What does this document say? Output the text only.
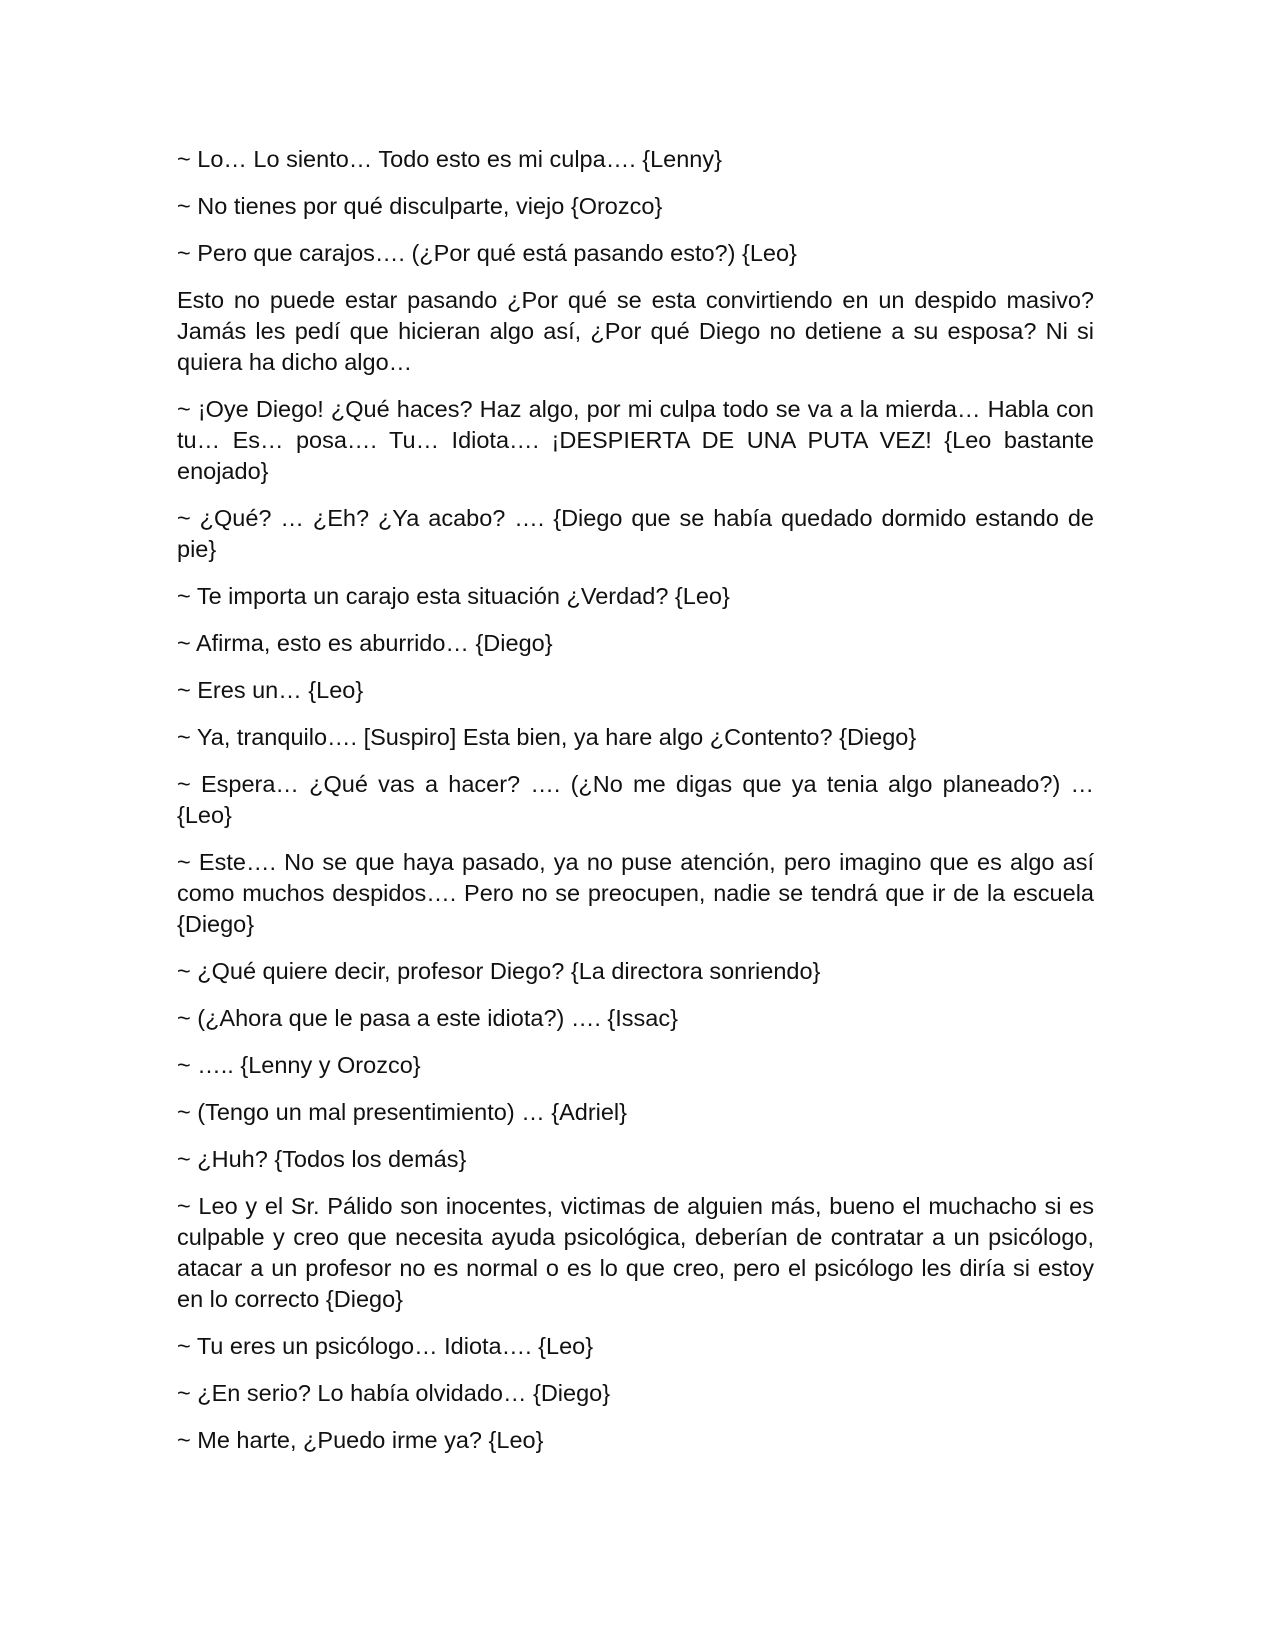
~ Lo… Lo siento… Todo esto es mi culpa…. {Lenny}

~ No tienes por qué disculparte, viejo {Orozco}

~ Pero que carajos…. (¿Por qué está pasando esto?) {Leo}

Esto no puede estar pasando ¿Por qué se esta convirtiendo en un despido masivo? Jamás les pedí que hicieran algo así, ¿Por qué Diego no detiene a su esposa? Ni si quiera ha dicho algo…

~ ¡Oye Diego! ¿Qué haces? Haz algo, por mi culpa todo se va a la mierda… Habla con tu… Es… posa…. Tu… Idiota…. ¡DESPIERTA DE UNA PUTA VEZ! {Leo bastante enojado}

~ ¿Qué? … ¿Eh? ¿Ya acabo? …. {Diego que se había quedado dormido estando de pie}

~ Te importa un carajo esta situación ¿Verdad? {Leo}

~ Afirma, esto es aburrido… {Diego}

~ Eres un… {Leo}

~ Ya, tranquilo…. [Suspiro] Esta bien, ya hare algo ¿Contento? {Diego}

~ Espera… ¿Qué vas a hacer? …. (¿No me digas que ya tenia algo planeado?) … {Leo}

~ Este…. No se que haya pasado, ya no puse atención, pero imagino que es algo así como muchos despidos…. Pero no se preocupen, nadie se tendrá que ir de la escuela {Diego}

~ ¿Qué quiere decir, profesor Diego? {La directora sonriendo}

~ (¿Ahora que le pasa a este idiota?) …. {Issac}

~ ….. {Lenny y Orozco}

~ (Tengo un mal presentimiento) … {Adriel}

~ ¿Huh? {Todos los demás}

~ Leo y el Sr. Pálido son inocentes, victimas de alguien más, bueno el muchacho si es culpable y creo que necesita ayuda psicológica, deberían de contratar a un psicólogo, atacar a un profesor no es normal o es lo que creo, pero el psicólogo les diría si estoy en lo correcto {Diego}

~ Tu eres un psicólogo… Idiota…. {Leo}

~ ¿En serio? Lo había olvidado… {Diego}

~ Me harte, ¿Puedo irme ya? {Leo}
